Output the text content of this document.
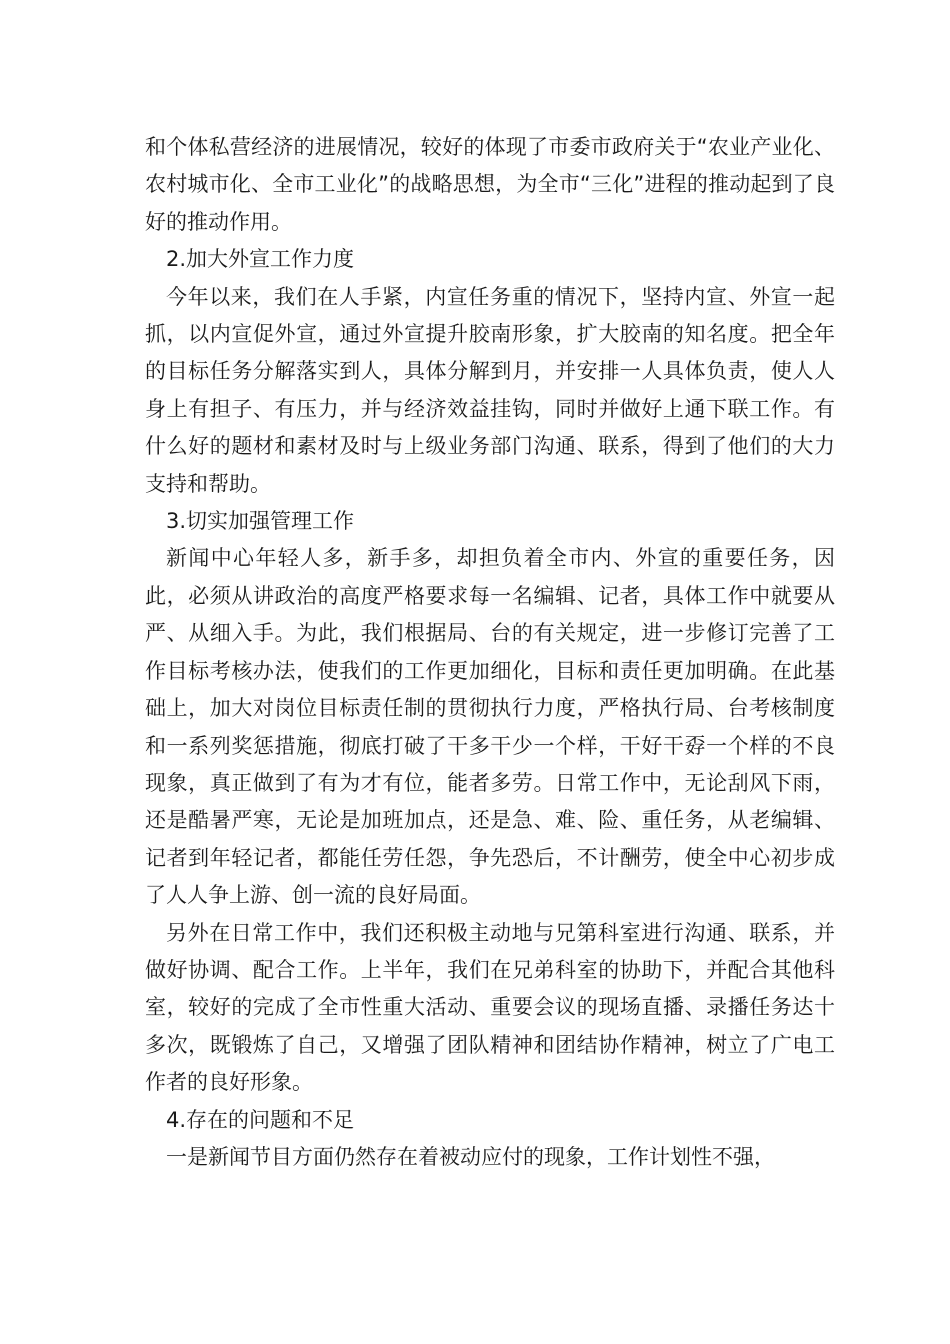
和个体私营经济的进展情况，较好的体现了市委市政府关于“农业产业化、农村城市化、全市工业化”的战略思想，为全市“三化”进程的推动起到了良好的推动作用。

2.加大外宣工作力度

今年以来，我们在人手紧，内宣任务重的情况下，坚持内宣、外宣一起抓，以内宣促外宣，通过外宣提升胶南形象，扩大胶南的知名度。把全年的目标任务分解落实到人，具体分解到月，并安排一人具体负责，使人人身上有担子、有压力，并与经济效益挂钩，同时并做好上通下联工作。有什么好的题材和素材及时与上级业务部门沟通、联系，得到了他们的大力支持和帮助。

3.切实加强管理工作

新闻中心年轻人多，新手多，却担负着全市内、外宣的重要任务，因此，必须从讲政治的高度严格要求每一名编辑、记者，具体工作中就要从严、从细入手。为此，我们根据局、台的有关规定，进一步修订完善了工作目标考核办法，使我们的工作更加细化，目标和责任更加明确。在此基础上，加大对岗位目标责任制的贯彻执行力度，严格执行局、台考核制度和一系列奖惩措施，彻底打破了干多干少一个样，干好干孬一个样的不良现象，真正做到了有为才有位，能者多劳。日常工作中，无论刮风下雨，还是酷暑严寒，无论是加班加点，还是急、难、险、重任务，从老编辑、记者到年轻记者，都能任劳任怨，争先恐后，不计酬劳，使全中心初步成了人人争上游、创一流的良好局面。

另外在日常工作中，我们还积极主动地与兄第科室进行沟通、联系，并做好协调、配合工作。上半年，我们在兄弟科室的协助下，并配合其他科室，较好的完成了全市性重大活动、重要会议的现场直播、录播任务达十多次，既锻炼了自己，又增强了团队精神和团结协作精神，树立了广电工作者的良好形象。

4.存在的问题和不足

一是新闻节目方面仍然存在着被动应付的现象，工作计划性不强，
